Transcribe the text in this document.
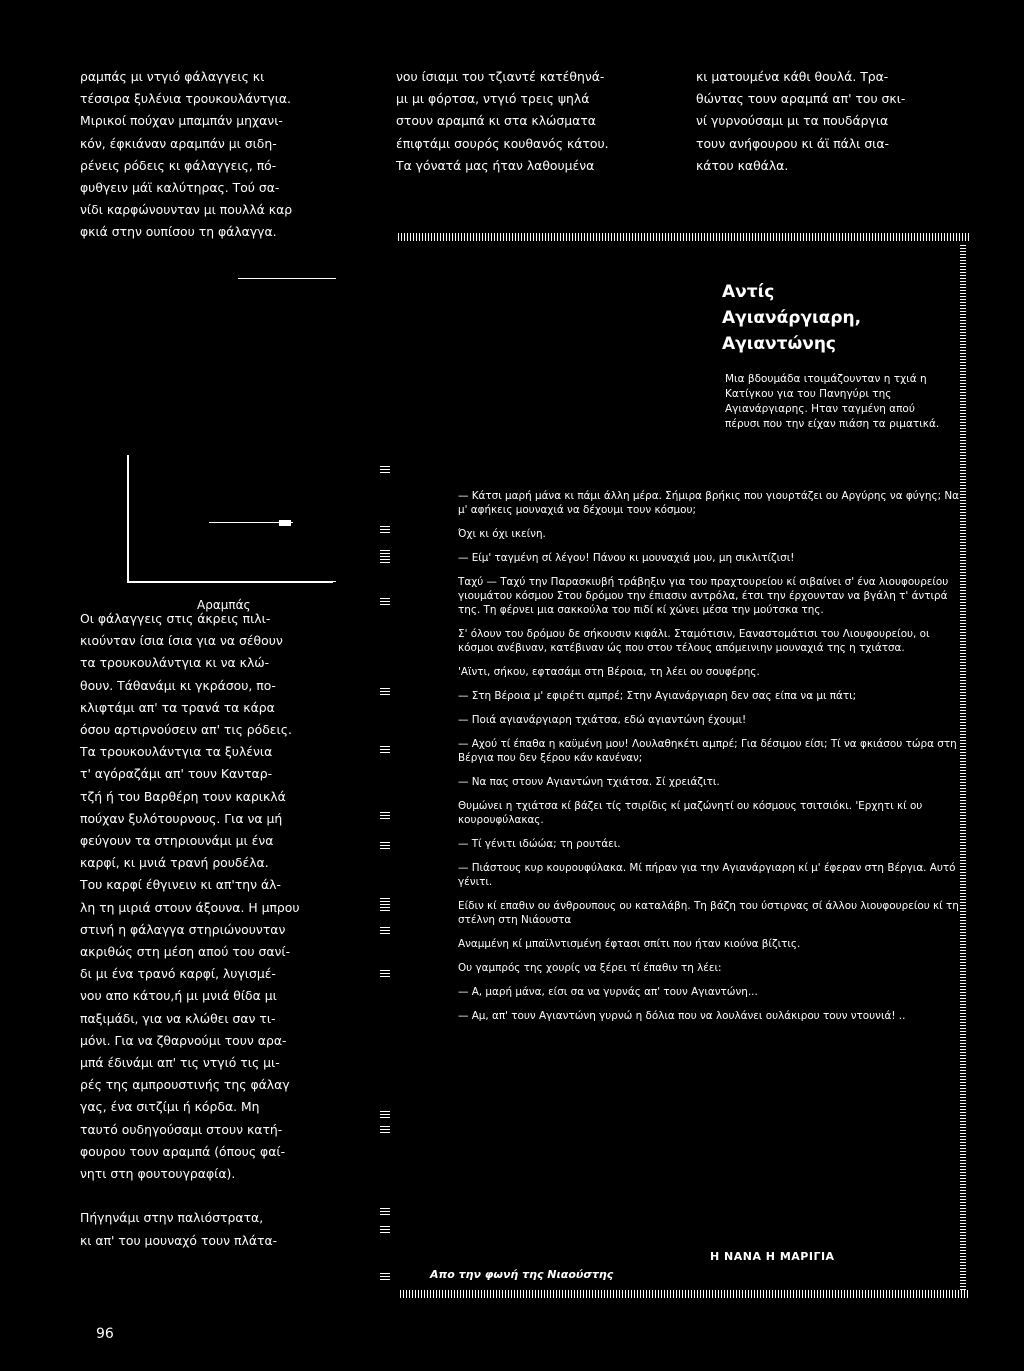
ραμπάς μι ντγιό φάλαγγεις κι

τέσσιρα ξυλένια τρουκουλάντγια.

Μιρικοί πούχαν μπαμπάν μηχανι-

κόν, έφκιάναν αραμπάν μι σιδη-

ρένεις ρόδεις κι φάλαγγεις, πό-

φυθγειν μάϊ καλύτηρας. Τού σα-

νίδι καρφώνουνταν μι πουλλά καρ

φκιά στην ουπίσου τη φάλαγγα.

Αραμπάς

Οι φάλαγγεις στις άκρεις πιλι-

κιούνταν ίσια ίσια για να σέθουν

τα τρουκουλάντγια κι να κλώ-

θουν. Τάθανάμι κι γκράσου, πο-

κλιφτάμι απ' τα τρανά τα κάρα

όσου αρτιρνούσειν απ' τις ρόδεις.

Τα τρουκουλάντγια τα ξυλένια

τ' αγόραζάμι απ' τουν Κανταρ-

τζή ή του Βαρθέρη τουν καρικλά

πούχαν ξυλότουρνους. Για να μή

φεύγουν τα στηριουνάμι μι ένα

καρφί, κι μνιά τρανή ρουδέλα.

Του καρφί έθγινειν κι απ'την άλ-

λη τη μιριά στουν άξουνα. Η μπρου

στινή η φάλαγγα στηριώνουνταν

ακριθώς στη μέση απού του σανί-

δι μι ένα τρανό καρφί, λυγισμέ-

νου απο κάτου,ή μι μνιά θίδα μι

παξιμάδι, για να κλώθει σαν τι-

μόνι. Για να ζθαρνούμι τουν αρα-

μπά έδινάμι απ' τις ντγιό τις μι-

ρές της αμπρουστινής της φάλαγ

γας, ένα σιτζίμι ή κόρδα. Μη

ταυτό ουδηγούσαμι στουν κατή-

φουρου τουν αραμπά (όπους φαί-

νητι στη φουτουγραφία).

Πήγηνάμι στην παλιόστρατα,

κι απ' του μουναχό τουν πλάτα-

νου ίσιαμι του τζιαντέ κατέθηνά-

μι μι φόρτσα, ντγιό τρεις ψηλά

στουν αραμπά κι στα κλώσματα

έπιφτάμι σουρός κουθανός κάτου.

Τα γόνατά μας ήταν λαθουμένα

κι ματουμένα κάθι θουλά. Τρα-

θώντας τουν αραμπά απ' του σκι-

νί γυρνούσαμι μι τα πουδάργια

τουν ανήφουρου κι άϊ πάλι σια-

κάτου καθάλα.

Αντίς
Αγιανάργιαρη,
Αγιαντώνης
Μια βδουμάδα ιτοιμάζουνταν η τχιά η Κατίγκου για του Πανηγύρι της Αγιανάργιαρης. Ηταν ταγμένη απού πέρυσι που την είχαν πιάση τα ριματικά.

— Κάτσι μαρή μάνα κι πάμι άλλη μέρα. Σήμιρα βρήκις που γιουρτάζει ου Αργύρης να φύγης; Να μ' αφήκεις μουναχιά να δέχουμι τουν κόσμου;

Όχι κι όχι ικείνη.

— Είμ' ταγμένη σί λέγου! Πάνου κι μουναχιά μου, μη σικλιτίζισι!

Ταχύ — Ταχύ την Παρασκιυβή τράβηξιν για του πραχτουρείου κί σιβαίνει σ' ένα λιουφουρείου γιουμάτου κόσμου Στου δρόμου την έπιασιν αντρόλα, έτσι την έρχουνταν να βγάλη τ' άντιρά της. Τη φέρνει μια σακκούλα του πιδί κί χώνει μέσα την μούτσκα της.

Σ' όλουν του δρόμου δε σήκουσιν κιφάλι. Σταμότισιν, Εαναστομάτισι του Λιουφουρείου, οι κόσμοι ανέβιναν, κατέβιναν ώς που στου τέλους απόμεινιην μουναχιά της η τχιάτσα.

'Αϊντι, σήκου, εφτασάμι στη Βέροια, τη λέει ου σουφέρης.

— Στη Βέροια μ' εφιρέτι αμπρέ; Στην Αγιανάργιαρη δεν σας είπα να μι πάτι;

— Ποιά αγιανάργιαρη τχιάτσα, εδώ αγιαντώνη έχουμι!

— Αχού τί έπαθα η καϋμένη μου! Λουλαθηκέτι αμπρέ; Για δέσιμου είσι; Τί να φκιάσου τώρα στη Βέργια που δεν ξέρου κάν κανέναν;

— Να πας στουν Αγιαντώνη τχιάτσα. Σί χρειάζιτι.

Θυμώνει η τχιάτσα κί βάζει τίς τσιρίδις κί μαζώνητί ου κόσμους τσιτσιόκι. 'Ερχητι κί ου κουρουφύλακας.

— Τί γένιτι ιδώώα; τη ρουτάει.

— Πιάστους κυρ κουρουφύλακα. Μί πήραν για την Αγιανάργιαρη κί μ' έφεραν στη Βέργια. Αυτό γένιτι.

Είδιν κί επαθιν ου άνθρουπους ου καταλάβη. Τη βάζη του ύστιρνας σί άλλου λιουφουρείου κί τη στέλνη στη Νιάουστα

Αναμμένη κί μπαϊλντισμένη έφτασι σπίτι που ήταν κιούνα βίζιτις.

Ου γαμπρός της χουρίς να ξέρει τί έπαθιν τη λέει:

— Α, μαρή μάνα, είσι σα να γυρνάς απ' τουν Αγιαντώνη...

— Αμ, απ' τουν Αγιαντώνη γυρνώ η δόλια που να λουλάνει ουλάκιρου τουν ντουνιά! ..

Η ΝΑΝΑ Η ΜΑΡΙΓΙΑ
Απο την φωνή της Νιαούστης
96
